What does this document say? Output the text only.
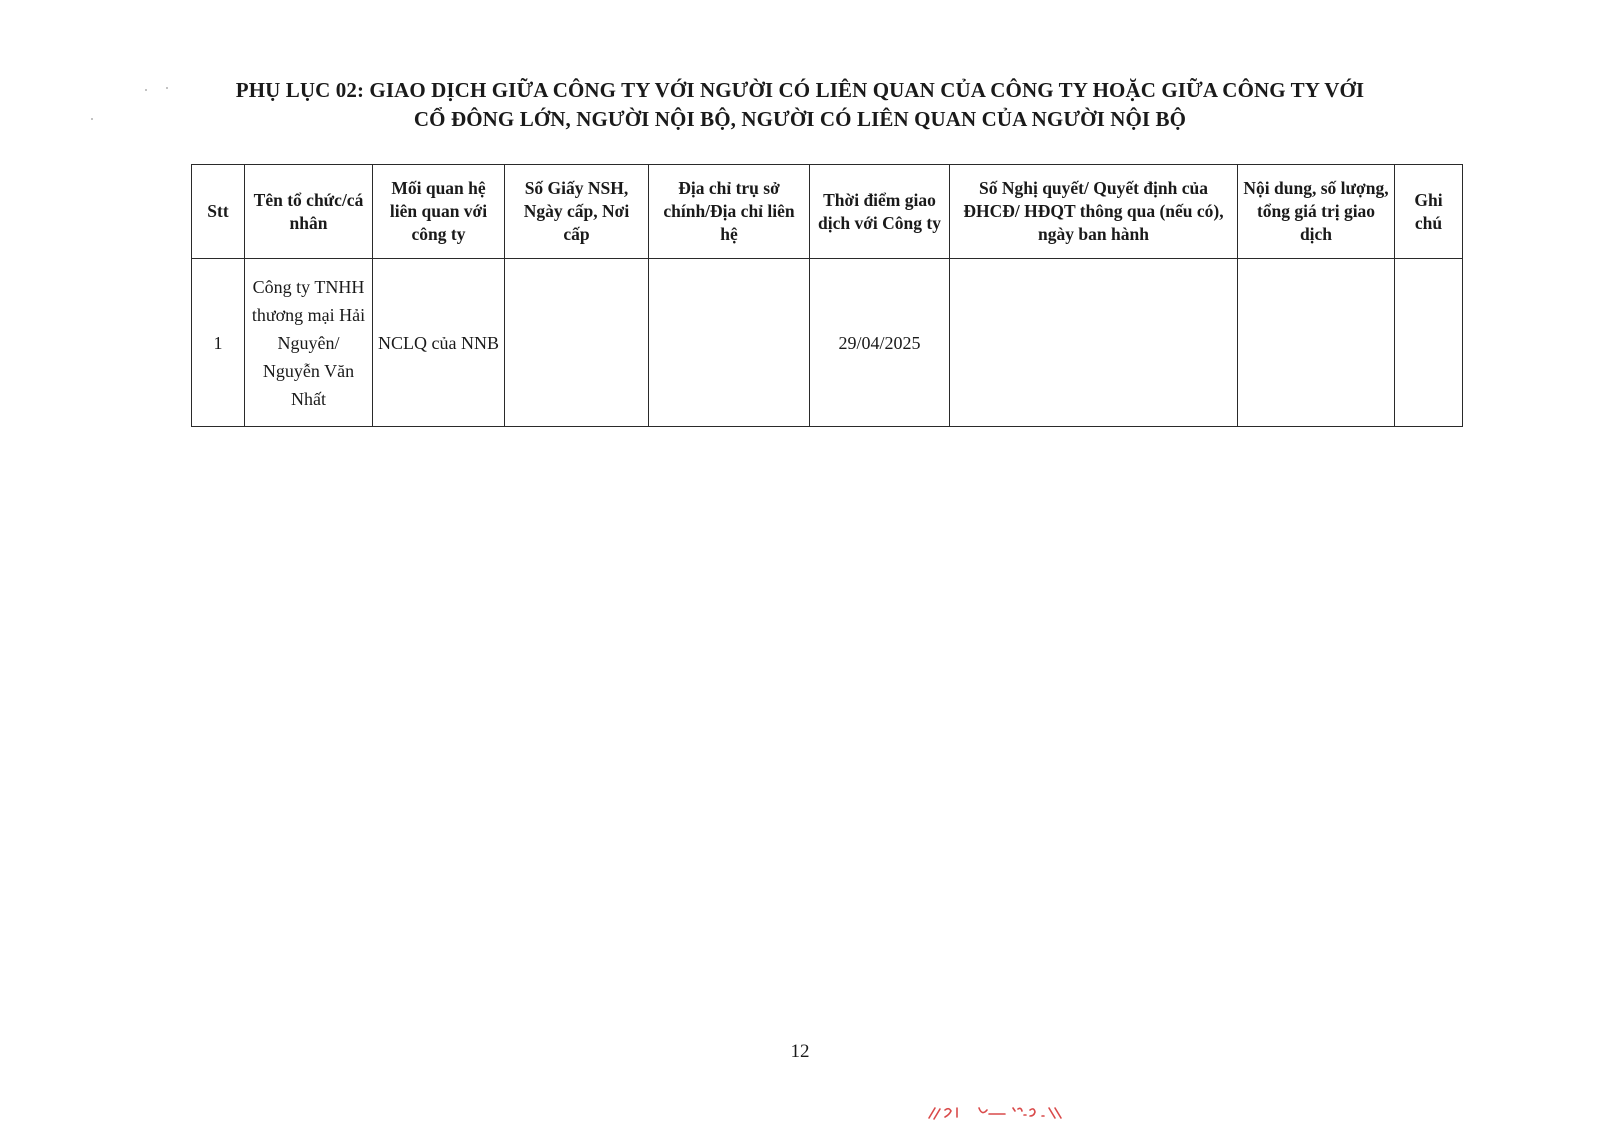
PHỤ LỤC 02: GIAO DỊCH GIỮA CÔNG TY VỚI NGƯỜI CÓ LIÊN QUAN CỦA CÔNG TY HOẶC GIỮA CÔNG TY VỚI
CỔ ĐÔNG LỚN, NGƯỜI NỘI BỘ, NGƯỜI CÓ LIÊN QUAN CỦA NGƯỜI NỘI BỘ
Stt	Tên tổ chức/cá nhân	Mối quan hệ liên quan với công ty	Số Giấy NSH, Ngày cấp, Nơi cấp	Địa chỉ trụ sở chính/Địa chỉ liên hệ	Thời điểm giao dịch với Công ty	Số Nghị quyết/ Quyết định của ĐHCĐ/ HĐQT thông qua (nếu có), ngày ban hành	Nội dung, số lượng, tổng giá trị giao dịch	Ghi chú
1	Công ty TNHH thương mại Hải Nguyên/ Nguyễn Văn Nhất	NCLQ của NNB			29/04/2025			
12
